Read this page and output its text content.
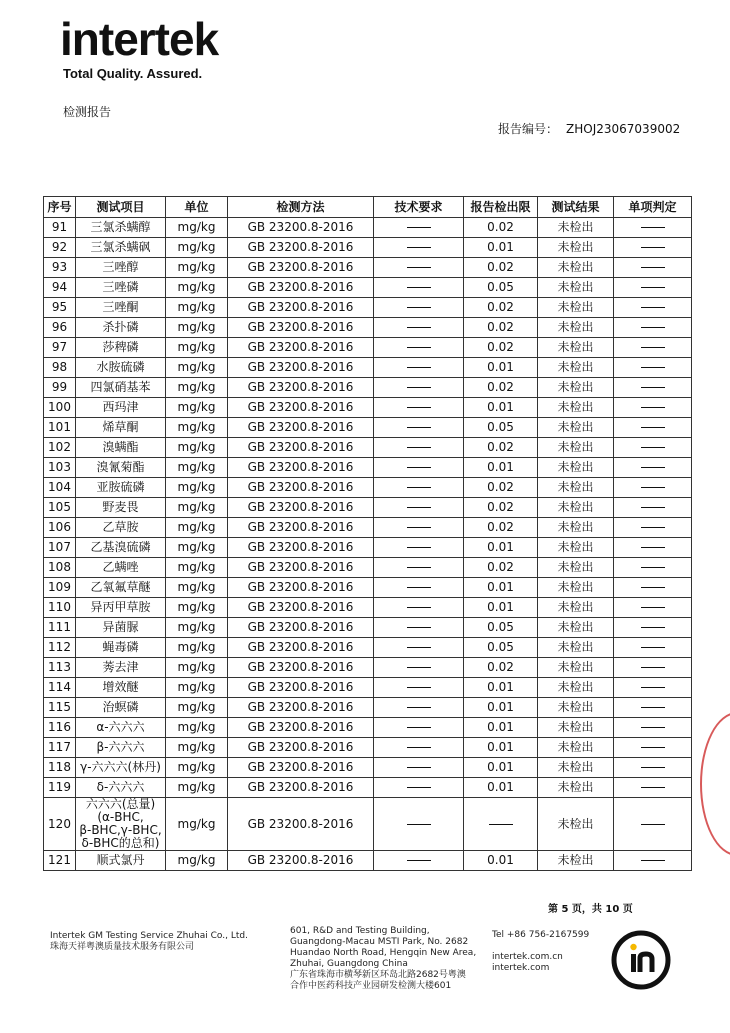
intertek
Total Quality. Assured.
检测报告
报告编号： ZHOJ23067039002
序号	测试项目	单位	检测方法	技术要求	报告检出限	测试结果	单项判定
91	三氯杀螨醇	mg/kg	GB 23200.8-2016		0.02	未检出	
92	三氯杀螨砜	mg/kg	GB 23200.8-2016		0.01	未检出	
93	三唑醇	mg/kg	GB 23200.8-2016		0.02	未检出	
94	三唑磷	mg/kg	GB 23200.8-2016		0.05	未检出	
95	三唑酮	mg/kg	GB 23200.8-2016		0.02	未检出	
96	杀扑磷	mg/kg	GB 23200.8-2016		0.02	未检出	
97	莎稗磷	mg/kg	GB 23200.8-2016		0.02	未检出	
98	水胺硫磷	mg/kg	GB 23200.8-2016		0.01	未检出	
99	四氯硝基苯	mg/kg	GB 23200.8-2016		0.02	未检出	
100	西玛津	mg/kg	GB 23200.8-2016		0.01	未检出	
101	烯草酮	mg/kg	GB 23200.8-2016		0.05	未检出	
102	溴螨酯	mg/kg	GB 23200.8-2016		0.02	未检出	
103	溴氰菊酯	mg/kg	GB 23200.8-2016		0.01	未检出	
104	亚胺硫磷	mg/kg	GB 23200.8-2016		0.02	未检出	
105	野麦畏	mg/kg	GB 23200.8-2016		0.02	未检出	
106	乙草胺	mg/kg	GB 23200.8-2016		0.02	未检出	
107	乙基溴硫磷	mg/kg	GB 23200.8-2016		0.01	未检出	
108	乙螨唑	mg/kg	GB 23200.8-2016		0.02	未检出	
109	乙氧氟草醚	mg/kg	GB 23200.8-2016		0.01	未检出	
110	异丙甲草胺	mg/kg	GB 23200.8-2016		0.01	未检出	
111	异菌脲	mg/kg	GB 23200.8-2016		0.05	未检出	
112	蝇毒磷	mg/kg	GB 23200.8-2016		0.05	未检出	
113	莠去津	mg/kg	GB 23200.8-2016		0.02	未检出	
114	增效醚	mg/kg	GB 23200.8-2016		0.01	未检出	
115	治螟磷	mg/kg	GB 23200.8-2016		0.01	未检出	
116	α-六六六	mg/kg	GB 23200.8-2016		0.01	未检出	
117	β-六六六	mg/kg	GB 23200.8-2016		0.01	未检出	
118	γ-六六六(林丹)	mg/kg	GB 23200.8-2016		0.01	未检出	
119	δ-六六六	mg/kg	GB 23200.8-2016		0.01	未检出	
120	六六六(总量)
(α-BHC,
β-BHC,γ-BHC,
δ-BHC的总和)	mg/kg	GB 23200.8-2016			未检出	
121	顺式氯丹	mg/kg	GB 23200.8-2016		0.01	未检出	
第 5 页，共 10 页
Intertek GM Testing Service Zhuhai Co., Ltd.
珠海天祥粤澳质量技术服务有限公司
601, R&D and Testing Building,
Guangdong-Macau MSTI Park, No. 2682
Huandao North Road, Hengqin New Area,
Zhuhai, Guangdong China
广东省珠海市横琴新区环岛北路2682号粤澳
合作中医药科技产业园研发检测大楼601
Tel +86 756-2167599
intertek.com.cn
intertek.com
